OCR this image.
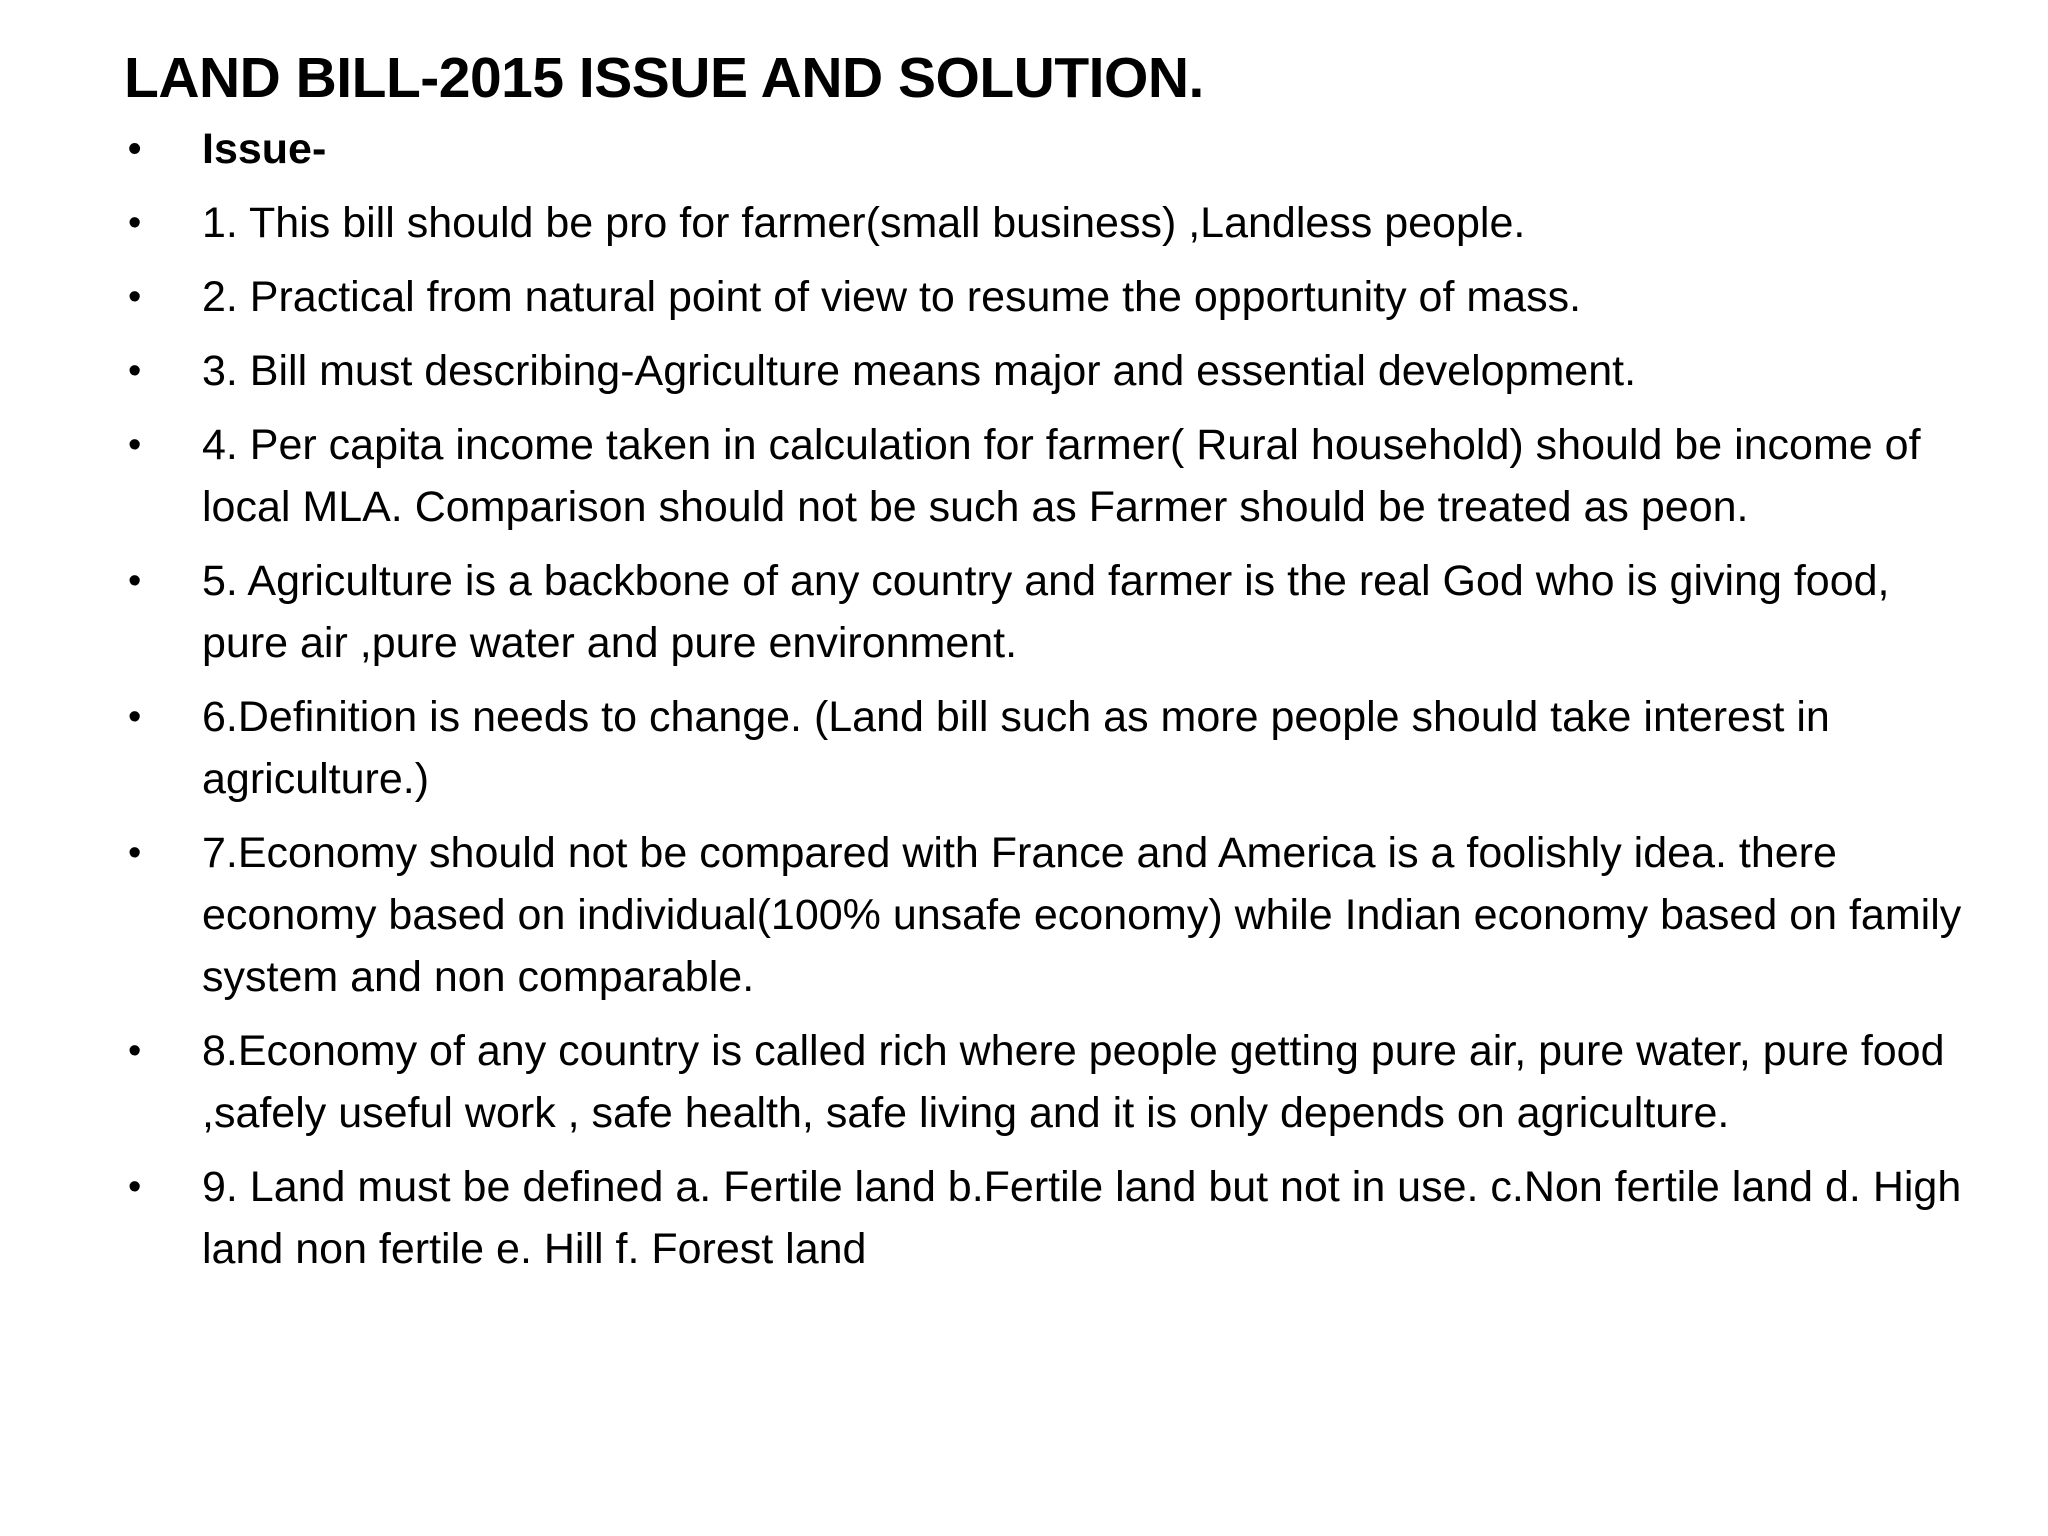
LAND BILL-2015 ISSUE AND SOLUTION.
•	Issue-
•	1. This bill should be pro for farmer(small business) ,Landless people.
•	2. Practical from natural point of view to resume the opportunity of mass.
•	3. Bill must describing-Agriculture means major and essential development.
•	4. Per capita income taken in calculation for farmer( Rural household) should be income of local MLA. Comparison should not be such as Farmer should be treated as peon.
•	5. Agriculture is a backbone of any country and farmer is the real God who is giving food, pure air ,pure water and pure environment.
•	6.Definition is needs to change. (Land bill such as more people should take interest in agriculture.)
•	7.Economy should not be compared with France and America is a foolishly idea. there economy based on individual(100% unsafe economy) while Indian economy based on family system and non comparable.
•	8.Economy of any country is called rich where people getting pure air, pure water, pure food ,safely useful work , safe health, safe living and it is only depends on agriculture.
•	9. Land must be defined a. Fertile land b.Fertile land but not in use. c.Non fertile land d. High land non fertile e. Hill f. Forest land
